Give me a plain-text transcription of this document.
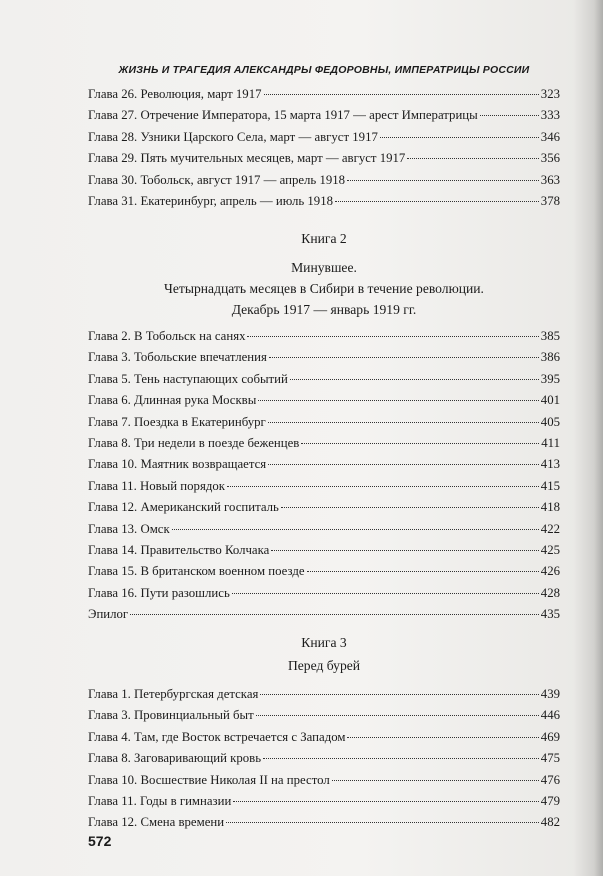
ЖИЗНЬ И ТРАГЕДИЯ АЛЕКСАНДРЫ ФЕДОРОВНЫ, ИМПЕРАТРИЦЫ РОССИИ
Глава 26. Революция, март 1917	323
Глава 27. Отречение Императора, 15 марта 1917 — арест Императрицы	333
Глава 28. Узники Царского Села, март — август 1917	346
Глава 29. Пять мучительных месяцев, март — август 1917	356
Глава 30. Тобольск, август 1917 — апрель 1918	363
Глава 31. Екатеринбург, апрель — июль 1918	378
Книга 2
Минувшее.
Четырнадцать месяцев в Сибири в течение революции.
Декабрь 1917 — январь 1919 гг.
Глава 2. В Тобольск на санях	385
Глава 3. Тобольские впечатления	386
Глава 5. Тень наступающих событий	395
Глава 6. Длинная рука Москвы	401
Глава 7. Поездка в Екатеринбург	405
Глава 8. Три недели в поезде беженцев	411
Глава 10. Маятник возвращается	413
Глава 11. Новый порядок	415
Глава 12. Американский госпиталь	418
Глава 13. Омск	422
Глава 14. Правительство Колчака	425
Глава 15. В британском военном поезде	426
Глава 16. Пути разошлись	428
Эпилог	435
Книга 3
Перед бурей
Глава 1. Петербургская детская	439
Глава 3. Провинциальный быт	446
Глава 4. Там, где Восток встречается с Западом	469
Глава 8. Заговаривающий кровь	475
Глава 10. Восшествие Николая II на престол	476
Глава 11. Годы в гимназии	479
Глава 12. Смена времени	482
572
